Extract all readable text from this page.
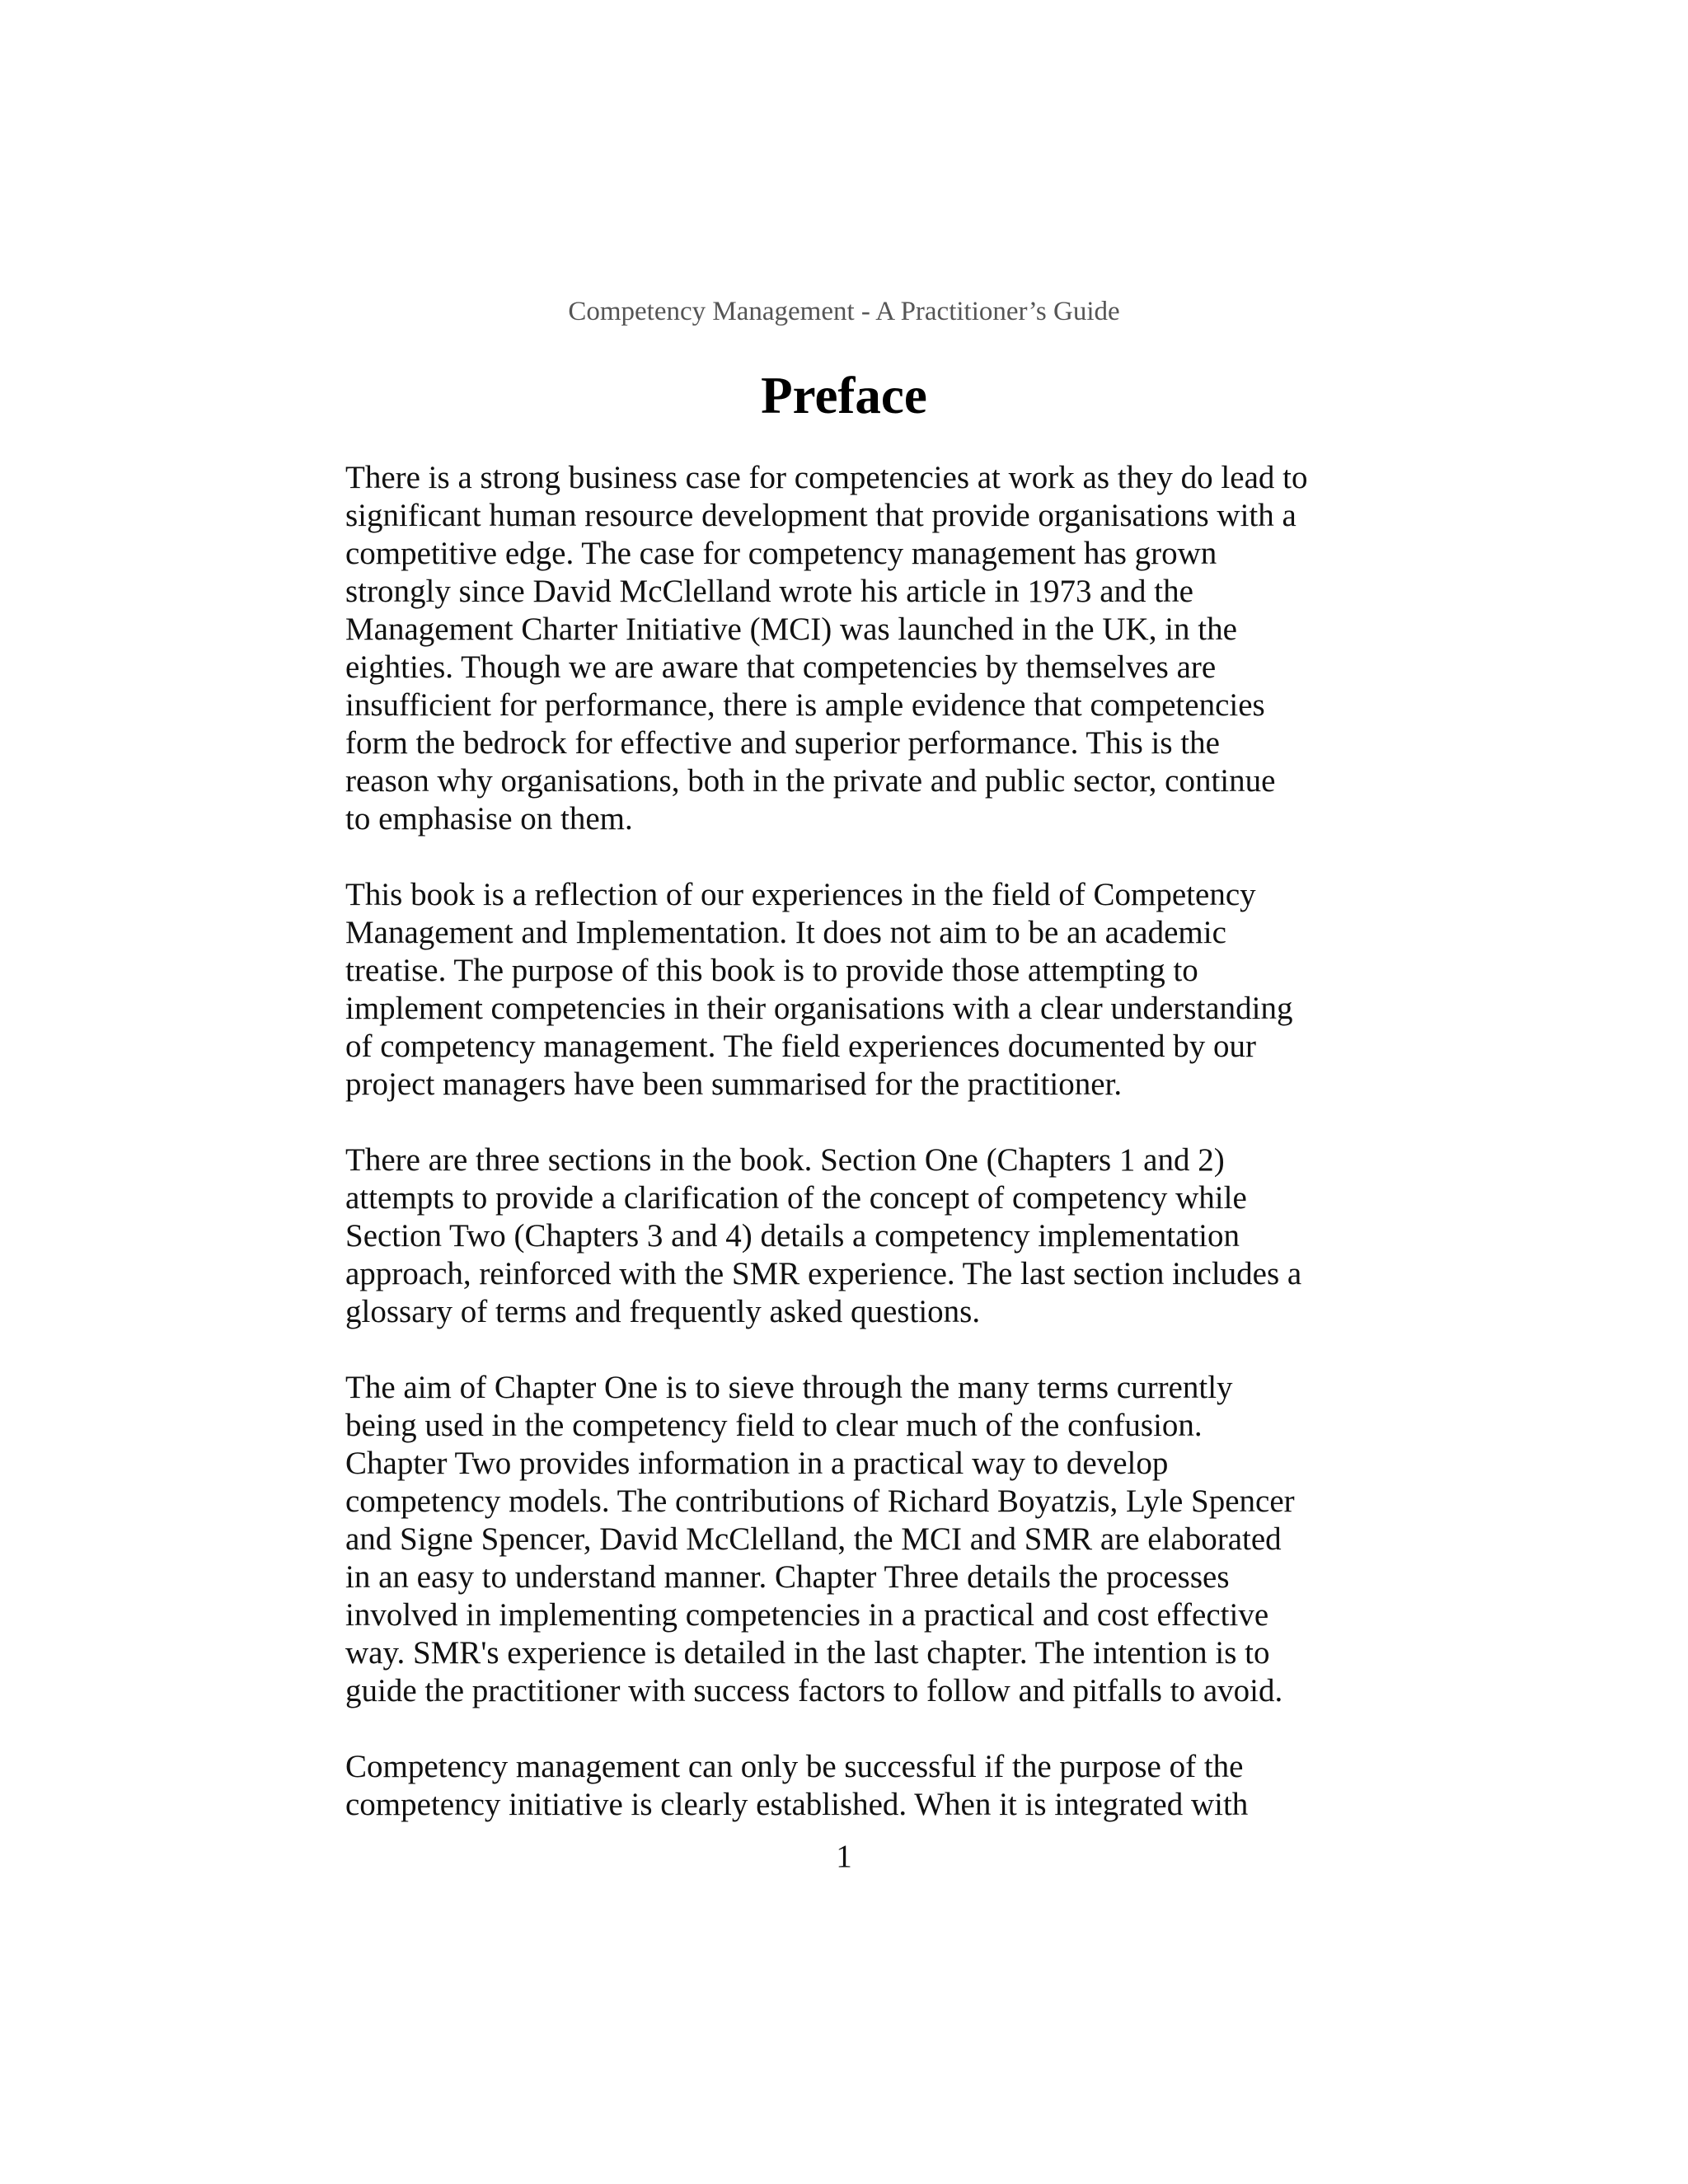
Competency Management - A Practitioner’s Guide
Preface

There is a strong business case for competencies at work as they do lead to
significant human resource development that provide organisations with a
competitive edge. The case for competency management has grown
strongly since David McClelland wrote his article in 1973 and the
Management Charter Initiative (MCI) was launched in the UK, in the
eighties. Though we are aware that competencies by themselves are
insufficient for performance, there is ample evidence that competencies
form the bedrock for effective and superior performance. This is the
reason why organisations, both in the private and public sector, continue
to emphasise on them.

This book is a reflection of our experiences in the field of Competency
Management and Implementation. It does not aim to be an academic
treatise. The purpose of this book is to provide those attempting to
implement competencies in their organisations with a clear understanding
of competency management. The field experiences documented by our
project managers have been summarised for the practitioner.

There are three sections in the book. Section One (Chapters 1 and 2)
attempts to provide a clarification of the concept of competency while
Section Two (Chapters 3 and 4) details a competency implementation
approach, reinforced with the SMR experience. The last section includes a
glossary of terms and frequently asked questions.

The aim of Chapter One is to sieve through the many terms currently
being used in the competency field to clear much of the confusion.
Chapter Two provides information in a practical way to develop
competency models. The contributions of Richard Boyatzis, Lyle Spencer
and Signe Spencer, David McClelland, the MCI and SMR are elaborated
in an easy to understand manner. Chapter Three details the processes
involved in implementing competencies in a practical and cost effective
way. SMR's experience is detailed in the last chapter. The intention is to
guide the practitioner with success factors to follow and pitfalls to avoid.

Competency management can only be successful if the purpose of the
competency initiative is clearly established. When it is integrated with

1
